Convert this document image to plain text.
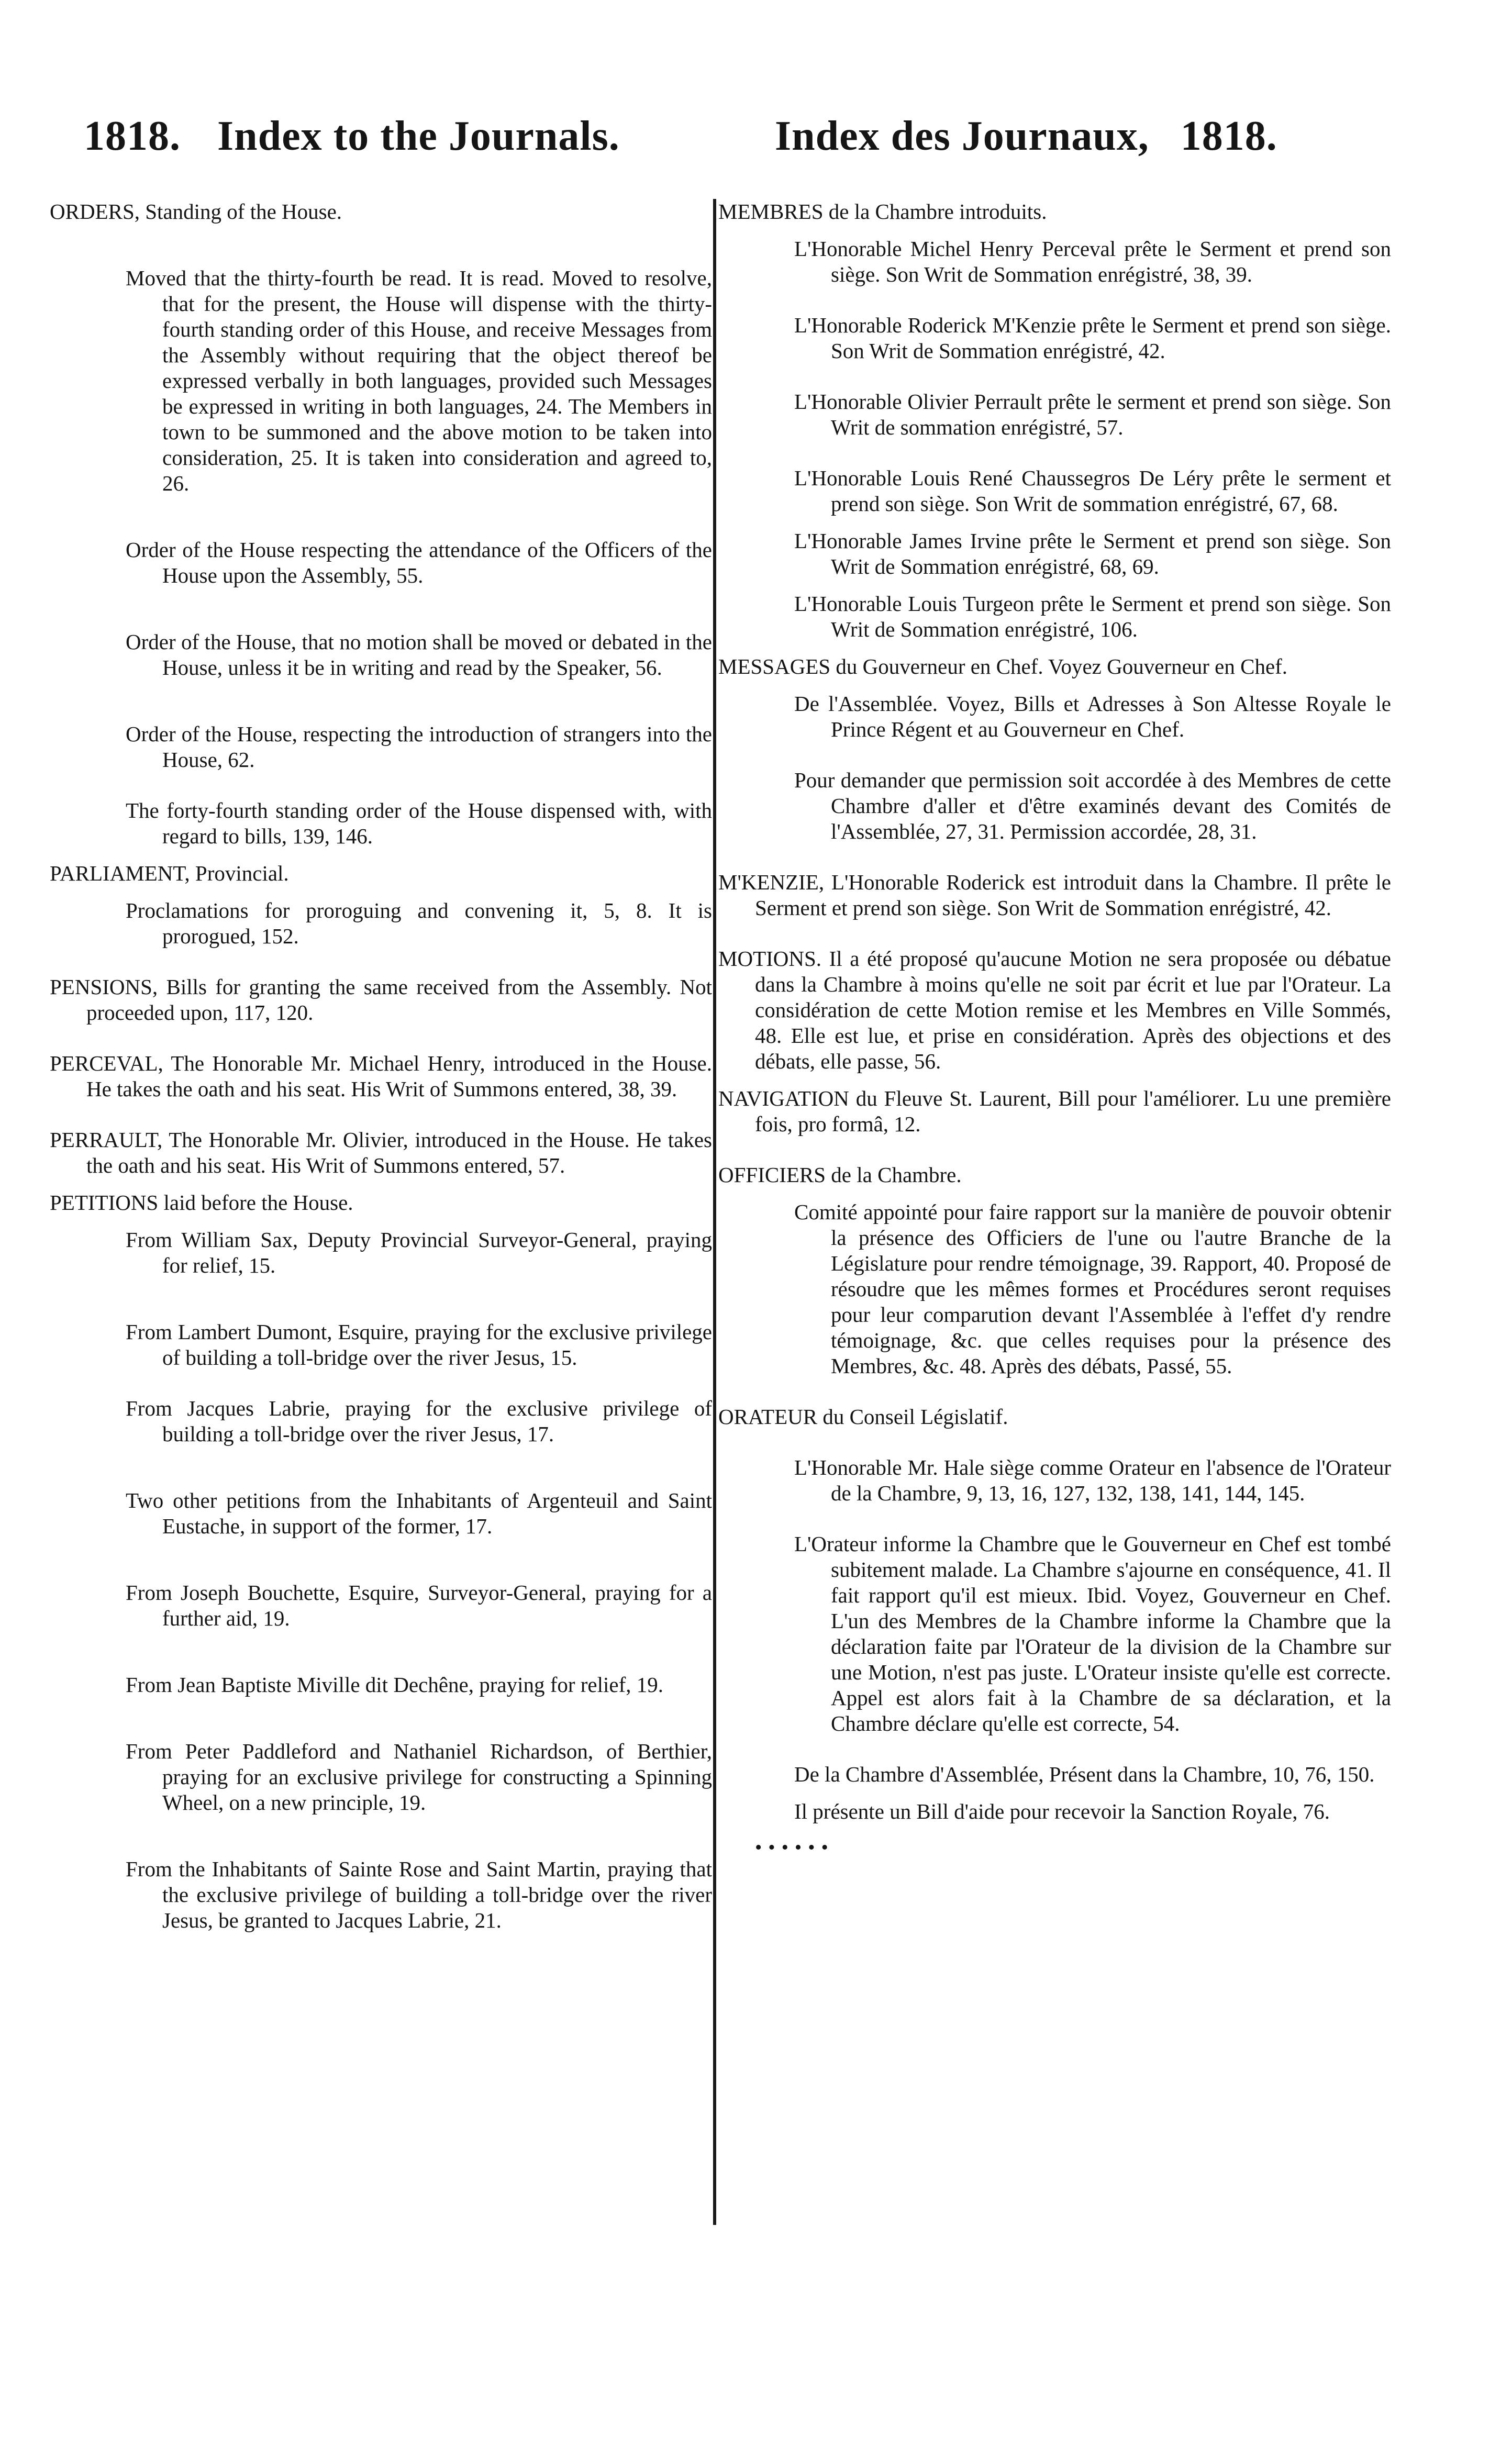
1818. Index to the Journals.	Index des Journaux, 1818.
ORDERS, Standing of the House.
Moved that the thirty-fourth be read. It is read. Moved to resolve, that for the present, the House will dispense with the thirty-fourth standing order of this House, and receive Messages from the Assembly without requiring that the object thereof be expressed verbally in both languages, provided such Messages be expressed in writing in both languages, 24. The Members in town to be summoned and the above motion to be taken into consideration, 25. It is taken into consideration and agreed to, 26.
Order of the House respecting the attendance of the Officers of the House upon the Assembly, 55.
Order of the House, that no motion shall be moved or debated in the House, unless it be in writing and read by the Speaker, 56.
Order of the House, respecting the introduction of strangers into the House, 62.
The forty-fourth standing order of the House dispensed with, with regard to bills, 139, 146.
PARLIAMENT, Provincial.
Proclamations for proroguing and convening it, 5, 8. It is prorogued, 152.
PENSIONS, Bills for granting the same received from the Assembly. Not proceeded upon, 117, 120.
PERCEVAL, The Honorable Mr. Michael Henry, introduced in the House. He takes the oath and his seat. His Writ of Summons entered, 38, 39.
PERRAULT, The Honorable Mr. Olivier, introduced in the House. He takes the oath and his seat. His Writ of Summons entered, 57.
PETITIONS laid before the House.
From William Sax, Deputy Provincial Surveyor-General, praying for relief, 15.
From Lambert Dumont, Esquire, praying for the exclusive privilege of building a toll-bridge over the river Jesus, 15.
From Jacques Labrie, praying for the exclusive privilege of building a toll-bridge over the river Jesus, 17.
Two other petitions from the Inhabitants of Argenteuil and Saint Eustache, in support of the former, 17.
From Joseph Bouchette, Esquire, Surveyor-General, praying for a further aid, 19.
From Jean Baptiste Miville dit Dechêne, praying for relief, 19.
From Peter Paddleford and Nathaniel Richardson, of Berthier, praying for an exclusive privilege for constructing a Spinning Wheel, on a new principle, 19.
From the Inhabitants of Sainte Rose and Saint Martin, praying that the exclusive privilege of building a toll-bridge over the river Jesus, be granted to Jacques Labrie, 21.
MEMBRES de la Chambre introduits.
L'Honorable Michel Henry Perceval prête le Serment et prend son siège. Son Writ de Sommation enrégistré, 38, 39.
L'Honorable Roderick M'Kenzie prête le Serment et prend son siège. Son Writ de Sommation enrégistré, 42.
L'Honorable Olivier Perrault prête le serment et prend son siège. Son Writ de sommation enrégistré, 57.
L'Honorable Louis René Chaussegros De Léry prête le serment et prend son siège. Son Writ de sommation enrégistré, 67, 68.
L'Honorable James Irvine prête le Serment et prend son siège. Son Writ de Sommation enrégistré, 68, 69.
L'Honorable Louis Turgeon prête le Serment et prend son siège. Son Writ de Sommation enrégistré, 106.
MESSAGES du Gouverneur en Chef. Voyez Gouverneur en Chef.
De l'Assemblée. Voyez, Bills et Adresses à Son Altesse Royale le Prince Régent et au Gouverneur en Chef.
Pour demander que permission soit accordée à des Membres de cette Chambre d'aller et d'être examinés devant des Comités de l'Assemblée, 27, 31. Permission accordée, 28, 31.
M'KENZIE, L'Honorable Roderick est introduit dans la Chambre. Il prête le Serment et prend son siège. Son Writ de Sommation enrégistré, 42.
MOTIONS. Il a été proposé qu'aucune Motion ne sera proposée ou débatue dans la Chambre à moins qu'elle ne soit par écrit et lue par l'Orateur. La considération de cette Motion remise et les Membres en Ville Sommés, 48. Elle est lue, et prise en considération. Après des objections et des débats, elle passe, 56.
NAVIGATION du Fleuve St. Laurent, Bill pour l'améliorer. Lu une première fois, pro formâ, 12.
OFFICIERS de la Chambre.
Comité appointé pour faire rapport sur la manière de pouvoir obtenir la présence des Officiers de l'une ou l'autre Branche de la Législature pour rendre témoignage, 39. Rapport, 40. Proposé de résoudre que les mêmes formes et Procédures seront requises pour leur comparution devant l'Assemblée à l'effet d'y rendre témoignage, &c. que celles requises pour la présence des Membres, &c. 48. Après des débats, Passé, 55.
ORATEUR du Conseil Législatif.
L'Honorable Mr. Hale siège comme Orateur en l'absence de l'Orateur de la Chambre, 9, 13, 16, 127, 132, 138, 141, 144, 145.
L'Orateur informe la Chambre que le Gouverneur en Chef est tombé subitement malade. La Chambre s'ajourne en conséquence, 41. Il fait rapport qu'il est mieux. Ibid. Voyez, Gouverneur en Chef. L'un des Membres de la Chambre informe la Chambre que la déclaration faite par l'Orateur de la division de la Chambre sur une Motion, n'est pas juste. L'Orateur insiste qu'elle est correcte. Appel est alors fait à la Chambre de sa déclaration, et la Chambre déclare qu'elle est correcte, 54.
De la Chambre d'Assemblée, Présent dans la Chambre, 10, 76, 150.
Il présente un Bill d'aide pour recevoir la Sanction Royale, 76.
••••••
